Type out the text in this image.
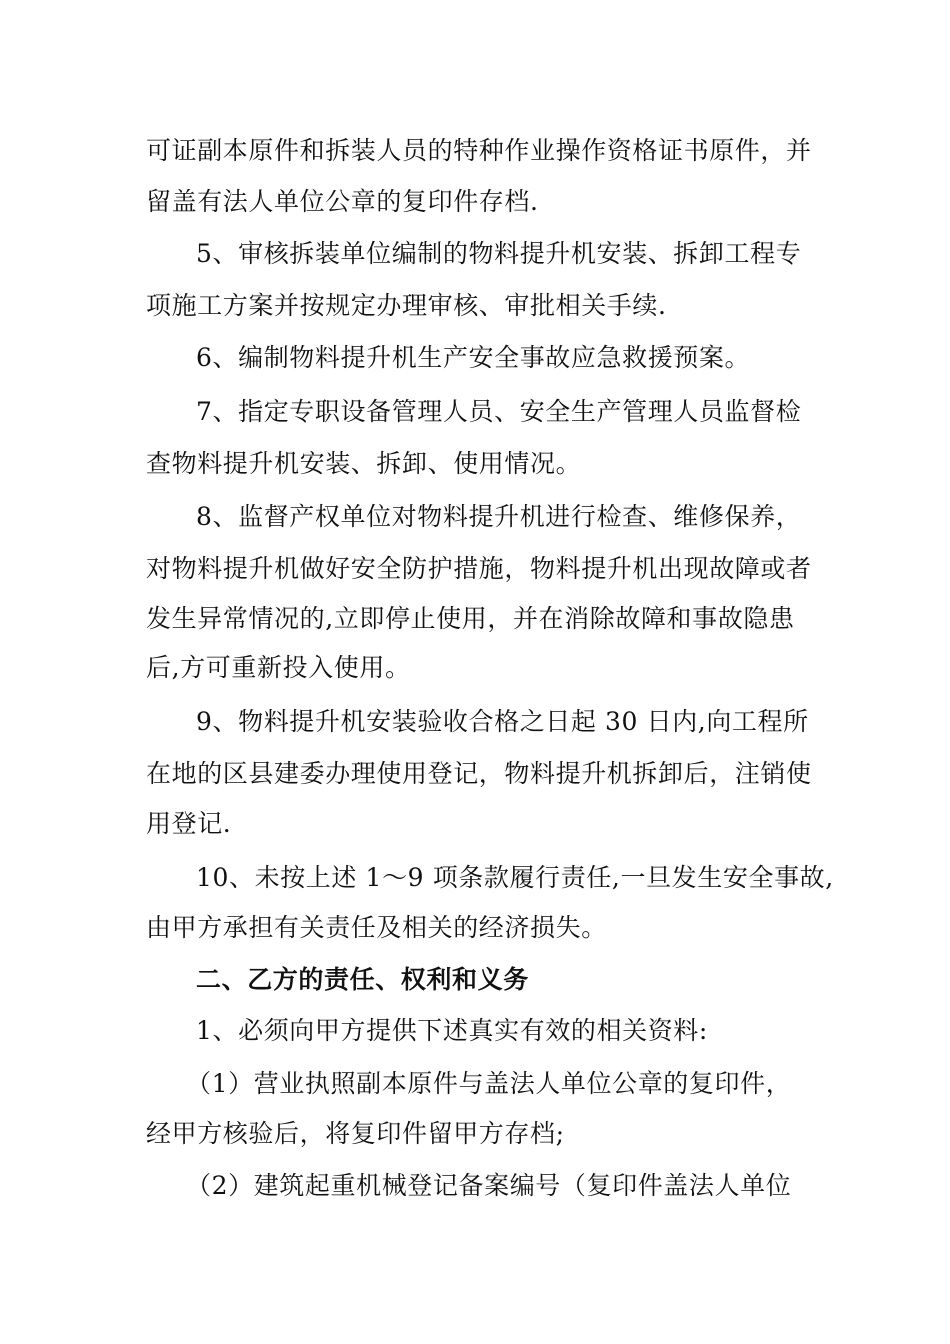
可证副本原件和拆装人员的特种作业操作资格证书原件，并
留盖有法人单位公章的复印件存档.
5、审核拆装单位编制的物料提升机安装、拆卸工程专
项施工方案并按规定办理审核、审批相关手续.
6、编制物料提升机生产安全事故应急救援预案。
7、指定专职设备管理人员、安全生产管理人员监督检
查物料提升机安装、拆卸、使用情况。
8、监督产权单位对物料提升机进行检查、维修保养，
对物料提升机做好安全防护措施，物料提升机出现故障或者
发生异常情况的,立即停止使用，并在消除故障和事故隐患
后,方可重新投入使用。
9、物料提升机安装验收合格之日起 30 日内,向工程所
在地的区县建委办理使用登记，物料提升机拆卸后，注销使
用登记.
10、未按上述 1～9 项条款履行责任,一旦发生安全事故,
由甲方承担有关责任及相关的经济损失。
二、乙方的责任、权利和义务
1、必须向甲方提供下述真实有效的相关资料:
（1）营业执照副本原件与盖法人单位公章的复印件，
经甲方核验后，将复印件留甲方存档;
（2）建筑起重机械登记备案编号（复印件盖法人单位
